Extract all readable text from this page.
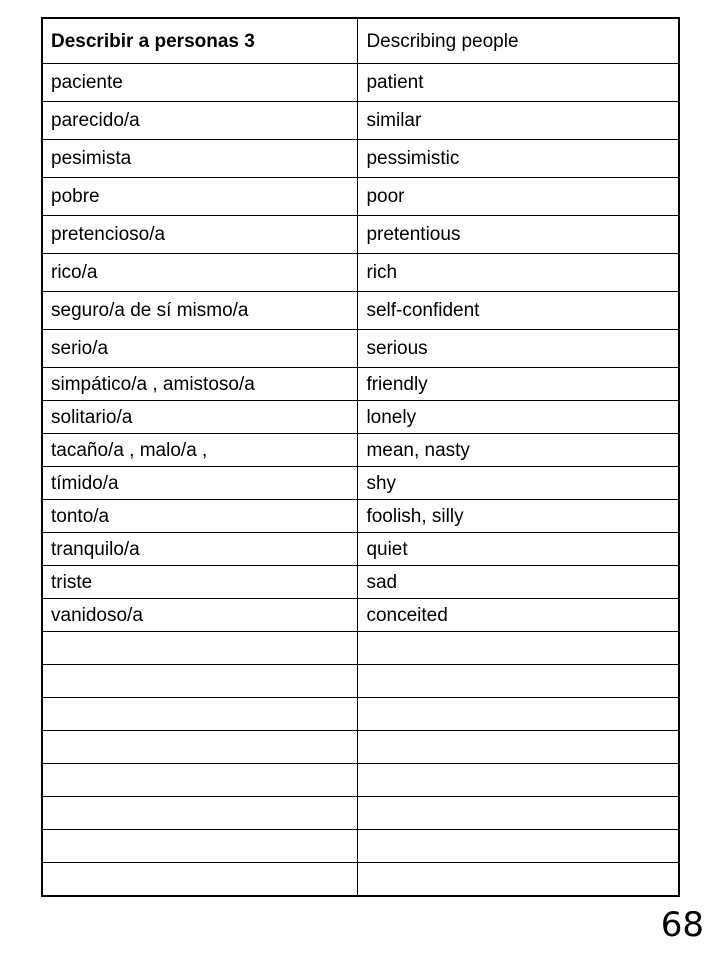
Describir a personas 3	Describing people
paciente	patient
parecido/a	similar
pesimista	pessimistic
pobre	poor
pretencioso/a	pretentious
rico/a	rich
seguro/a de sí mismo/a	self-confident
serio/a	serious
simpático/a , amistoso/a	friendly
solitario/a	lonely
tacaño/a , malo/a ,	mean, nasty
tímido/a	shy
tonto/a	foolish, silly
tranquilo/a	quiet
triste	sad
vanidoso/a	conceited

68
